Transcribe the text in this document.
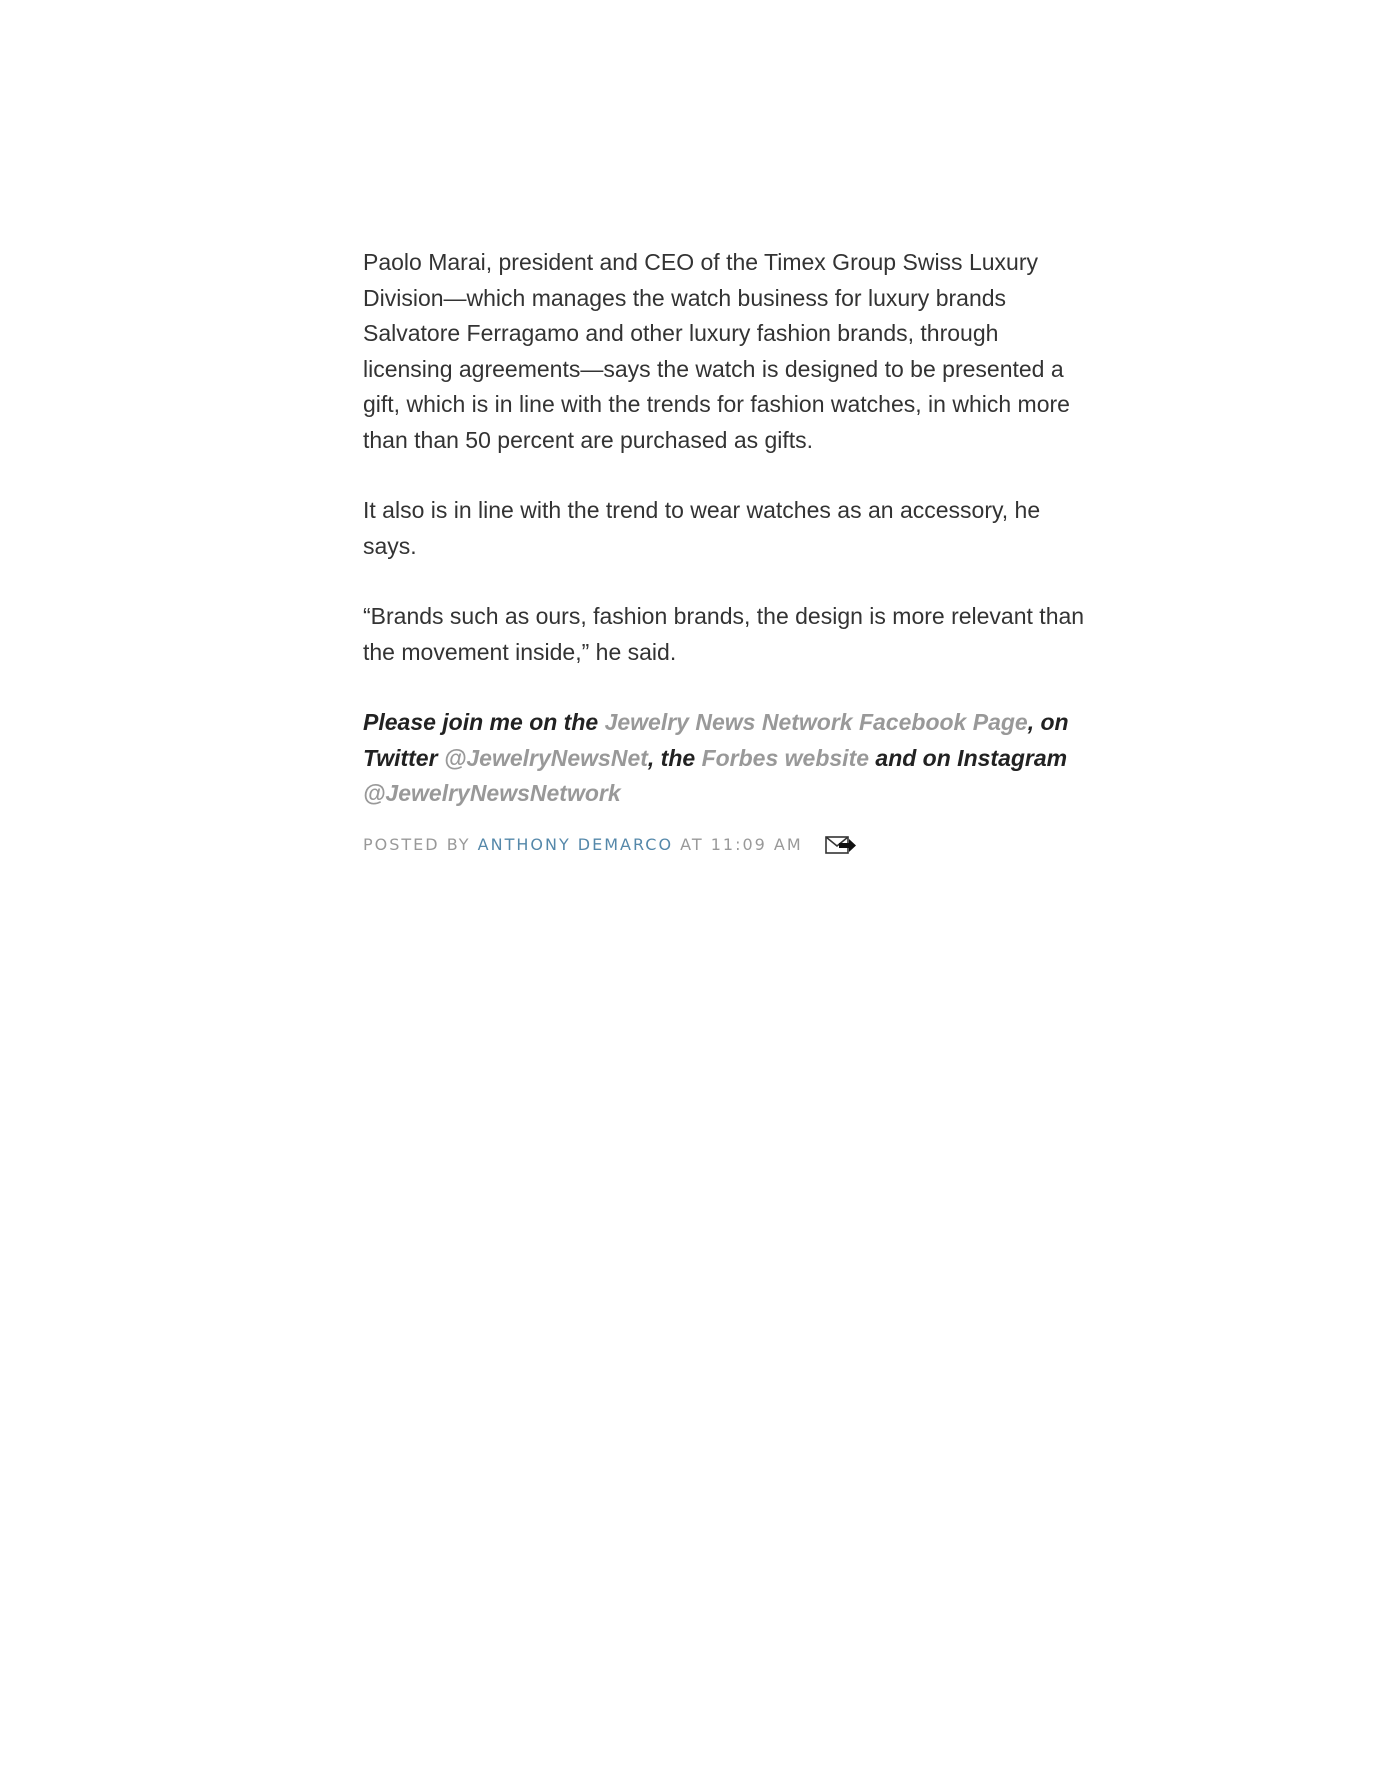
Paolo Marai, president and CEO of the Timex Group Swiss Luxury Division—which manages the watch business for luxury brands Salvatore Ferragamo and other luxury fashion brands, through licensing agreements—says the watch is designed to be presented a gift, which is in line with the trends for fashion watches, in which more than than 50 percent are purchased as gifts.

It also is in line with the trend to wear watches as an accessory, he says.

“Brands such as ours, fashion brands, the design is more relevant than the movement inside,” he said.

Please join me on the Jewelry News Network Facebook Page, on Twitter @JewelryNewsNet, the Forbes website and on Instagram @JewelryNewsNetwork

POSTED BY
ANTHONY DEMARCO
AT
11:09 AM
